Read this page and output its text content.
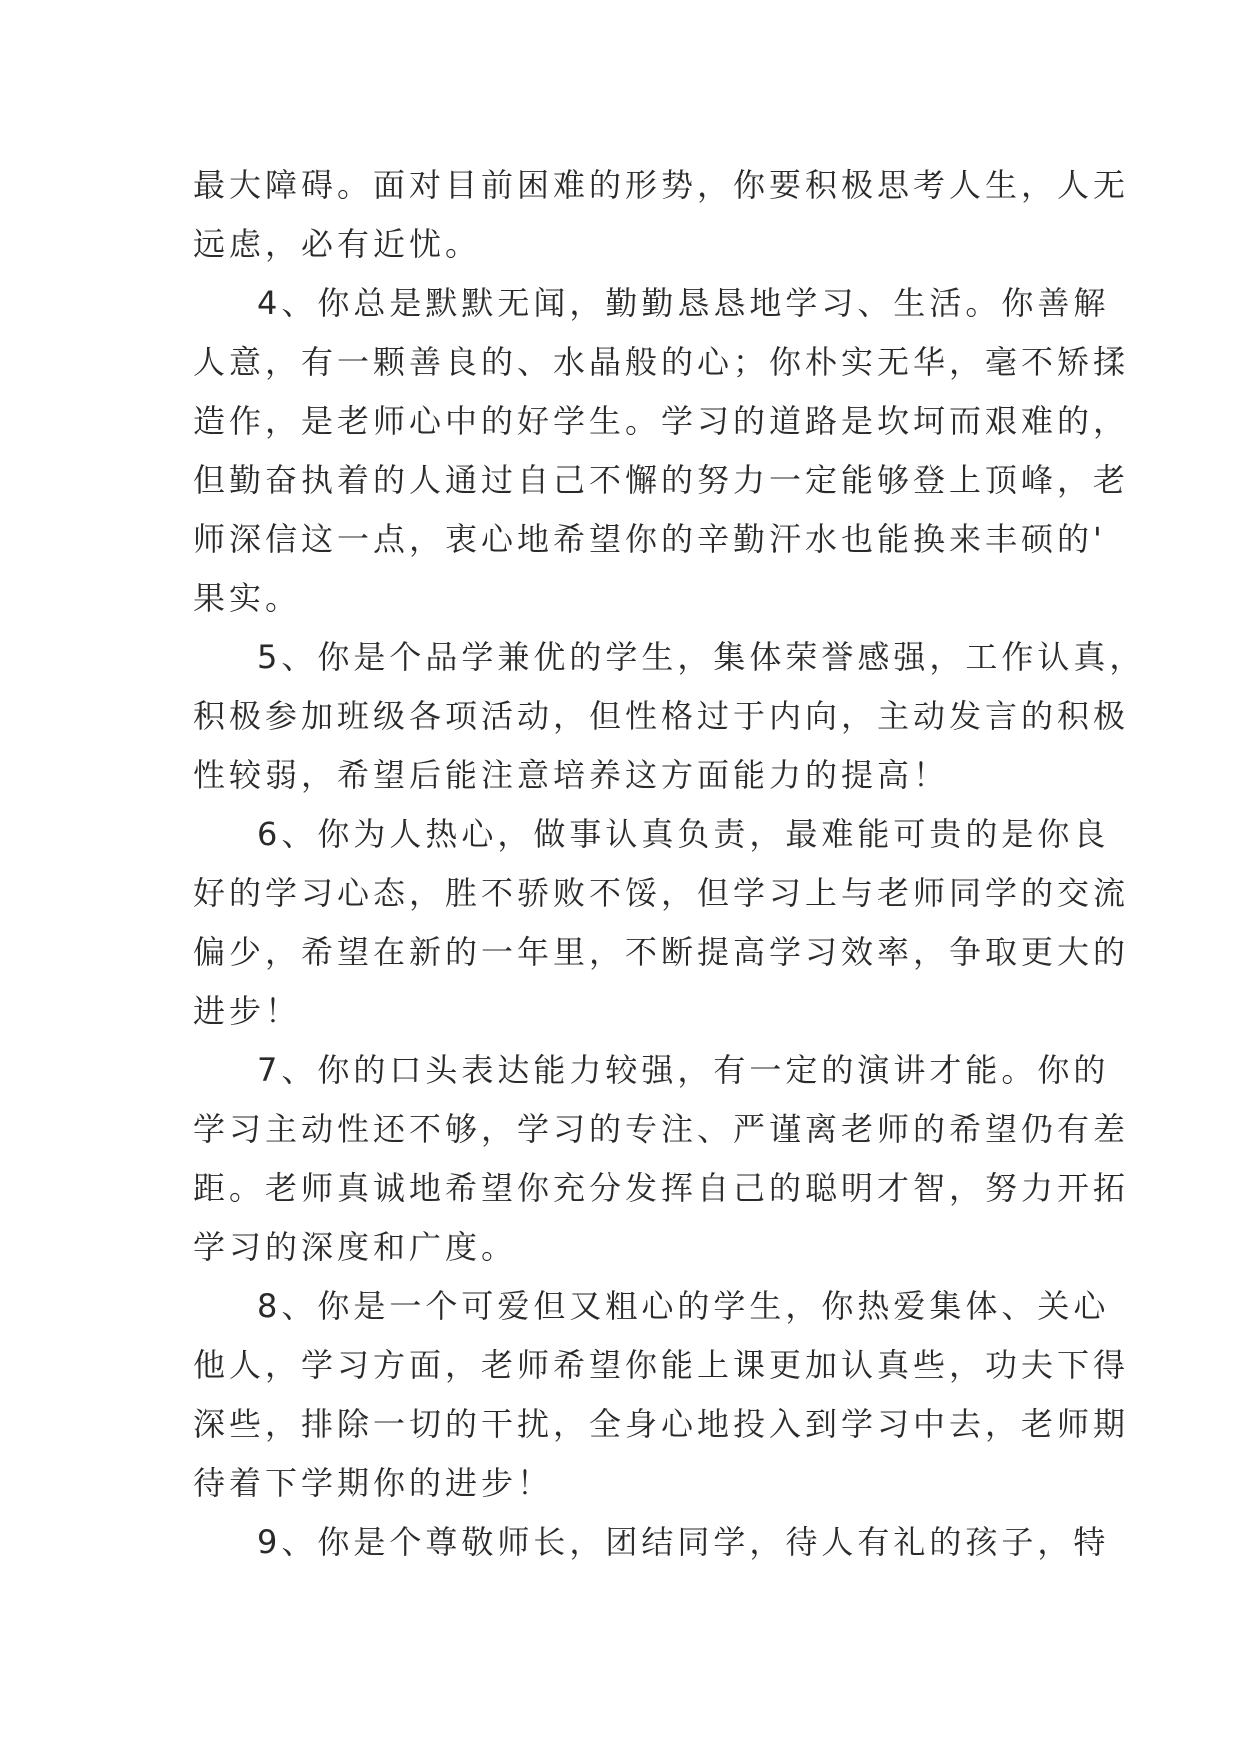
最大障碍。面对目前困难的形势，你要积极思考人生，人无
远虑，必有近忧。
4、你总是默默无闻，勤勤恳恳地学习、生活。你善解
人意，有一颗善良的、水晶般的心；你朴实无华，毫不矫揉
造作，是老师心中的好学生。学习的道路是坎坷而艰难的，
但勤奋执着的人通过自己不懈的努力一定能够登上顶峰，老
师深信这一点，衷心地希望你的辛勤汗水也能换来丰硕的'
果实。
5、你是个品学兼优的学生，集体荣誉感强，工作认真，
积极参加班级各项活动，但性格过于内向，主动发言的积极
性较弱，希望后能注意培养这方面能力的提高！
6、你为人热心，做事认真负责，最难能可贵的是你良
好的学习心态，胜不骄败不馁，但学习上与老师同学的交流
偏少，希望在新的一年里，不断提高学习效率，争取更大的
进步！
7、你的口头表达能力较强，有一定的演讲才能。你的
学习主动性还不够，学习的专注、严谨离老师的希望仍有差
距。老师真诚地希望你充分发挥自己的聪明才智，努力开拓
学习的深度和广度。
8、你是一个可爱但又粗心的学生，你热爱集体、关心
他人，学习方面，老师希望你能上课更加认真些，功夫下得
深些，排除一切的干扰，全身心地投入到学习中去，老师期
待着下学期你的进步！
9、你是个尊敬师长，团结同学，待人有礼的孩子，特
